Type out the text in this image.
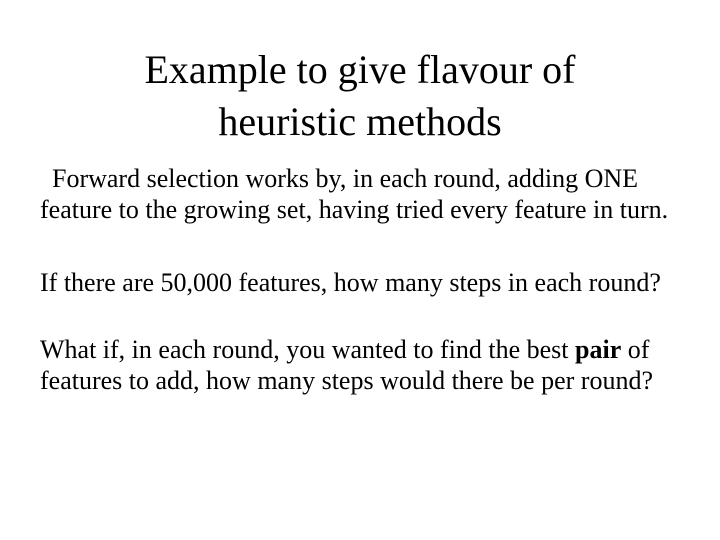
Example to give flavour of
heuristic methods

Forward selection works by, in each round, adding ONE
feature to the growing set, having tried every feature in turn.

If there are 50,000 features, how many steps in each round?

What if, in each round, you wanted to find the best pair of
features to add, how many steps would there be per round?
